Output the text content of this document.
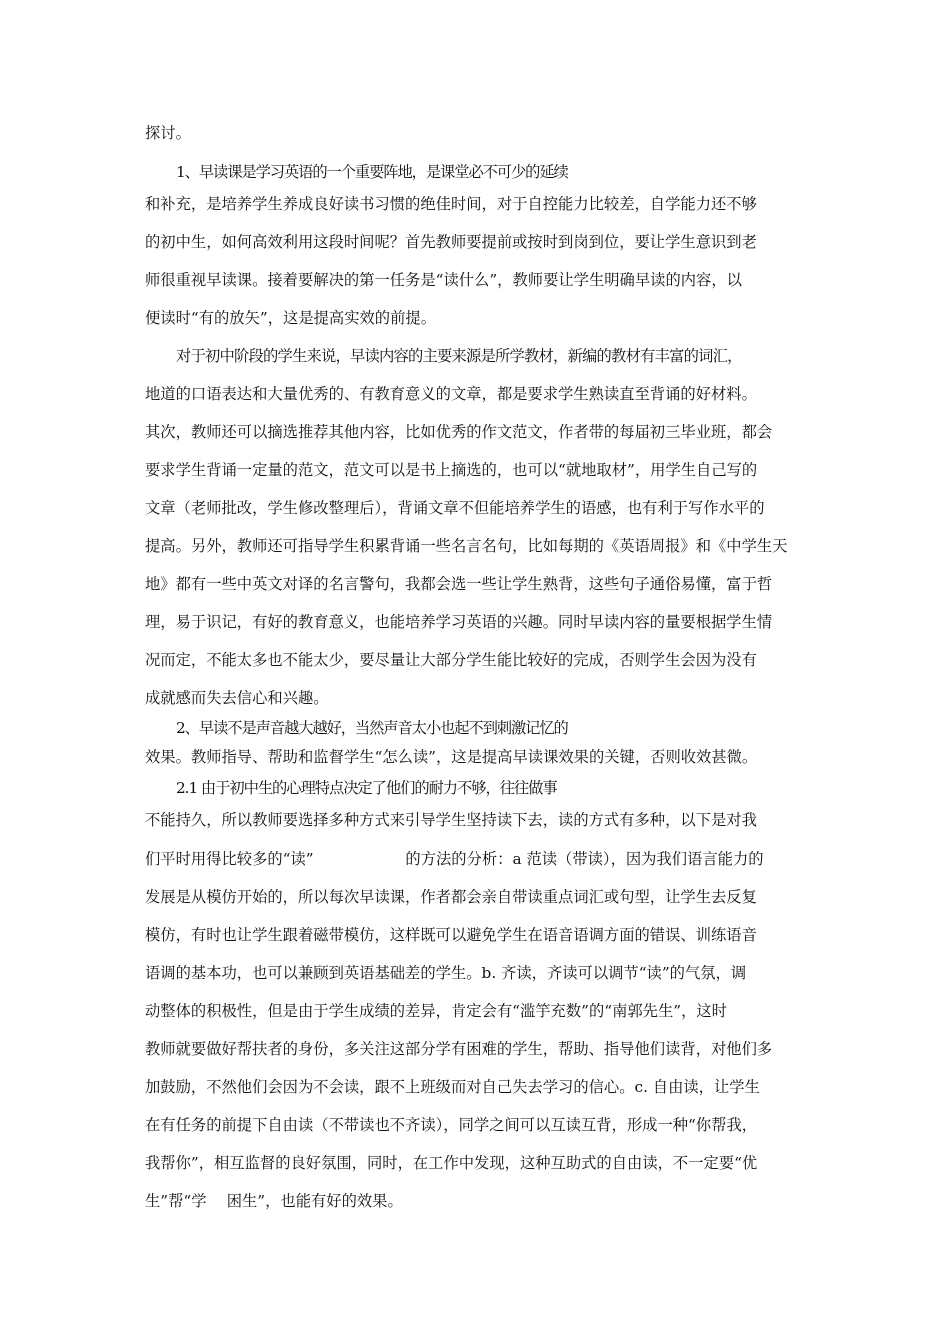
探讨。
1、早读课是学习英语的一个重要阵地，是课堂必不可少的延续
和补充，是培养学生养成良好读书习惯的绝佳时间，对于自控能力比较差，自学能力还不够
的初中生，如何高效利用这段时间呢？首先教师要提前或按时到岗到位，要让学生意识到老
师很重视早读课。接着要解决的第一任务是“读什么”，教师要让学生明确早读的内容，以
便读时“有的放矢”，这是提高实效的前提。
对于初中阶段的学生来说，早读内容的主要来源是所学教材，新编的教材有丰富的词汇，
地道的口语表达和大量优秀的、有教育意义的文章，都是要求学生熟读直至背诵的好材料。
其次，教师还可以摘选推荐其他内容，比如优秀的作文范文，作者带的每届初三毕业班，都会
要求学生背诵一定量的范文，范文可以是书上摘选的，也可以“就地取材”，用学生自己写的
文章（老师批改，学生修改整理后），背诵文章不但能培养学生的语感，也有利于写作水平的
提高。另外，教师还可指导学生积累背诵一些名言名句，比如每期的《英语周报》和《中学生天
地》都有一些中英文对译的名言警句，我都会选一些让学生熟背，这些句子通俗易懂，富于哲
理，易于识记，有好的教育意义，也能培养学习英语的兴趣。同时早读内容的量要根据学生情
况而定，不能太多也不能太少，要尽量让大部分学生能比较好的完成，否则学生会因为没有
成就感而失去信心和兴趣。
2、早读不是声音越大越好，当然声音太小也起不到刺激记忆的
效果。教师指导、帮助和监督学生“怎么读”，这是提高早读课效果的关键，否则收效甚微。
2.1 由于初中生的心理特点决定了他们的耐力不够，往往做事
不能持久，所以教师要选择多种方式来引导学生坚持读下去，读的方式有多种，以下是对我
们平时用得比较多的“读”　　　　　　的方法的分析：a 范读（带读），因为我们语言能力的
发展是从模仿开始的，所以每次早读课，作者都会亲自带读重点词汇或句型，让学生去反复
模仿，有时也让学生跟着磁带模仿，这样既可以避免学生在语音语调方面的错误、训练语音
语调的基本功，也可以兼顾到英语基础差的学生。b. 齐读，齐读可以调节“读”的气氛，调
动整体的积极性，但是由于学生成绩的差异，肯定会有“滥竽充数”的“南郭先生”，这时
教师就要做好帮扶者的身份，多关注这部分学有困难的学生，帮助、指导他们读背，对他们多
加鼓励，不然他们会因为不会读，跟不上班级而对自己失去学习的信心。c. 自由读，让学生
在有任务的前提下自由读（不带读也不齐读），同学之间可以互读互背，形成一种“你帮我，
我帮你”，相互监督的良好氛围，同时，在工作中发现，这种互助式的自由读，不一定要“优
生”帮“学　 困生”，也能有好的效果。
